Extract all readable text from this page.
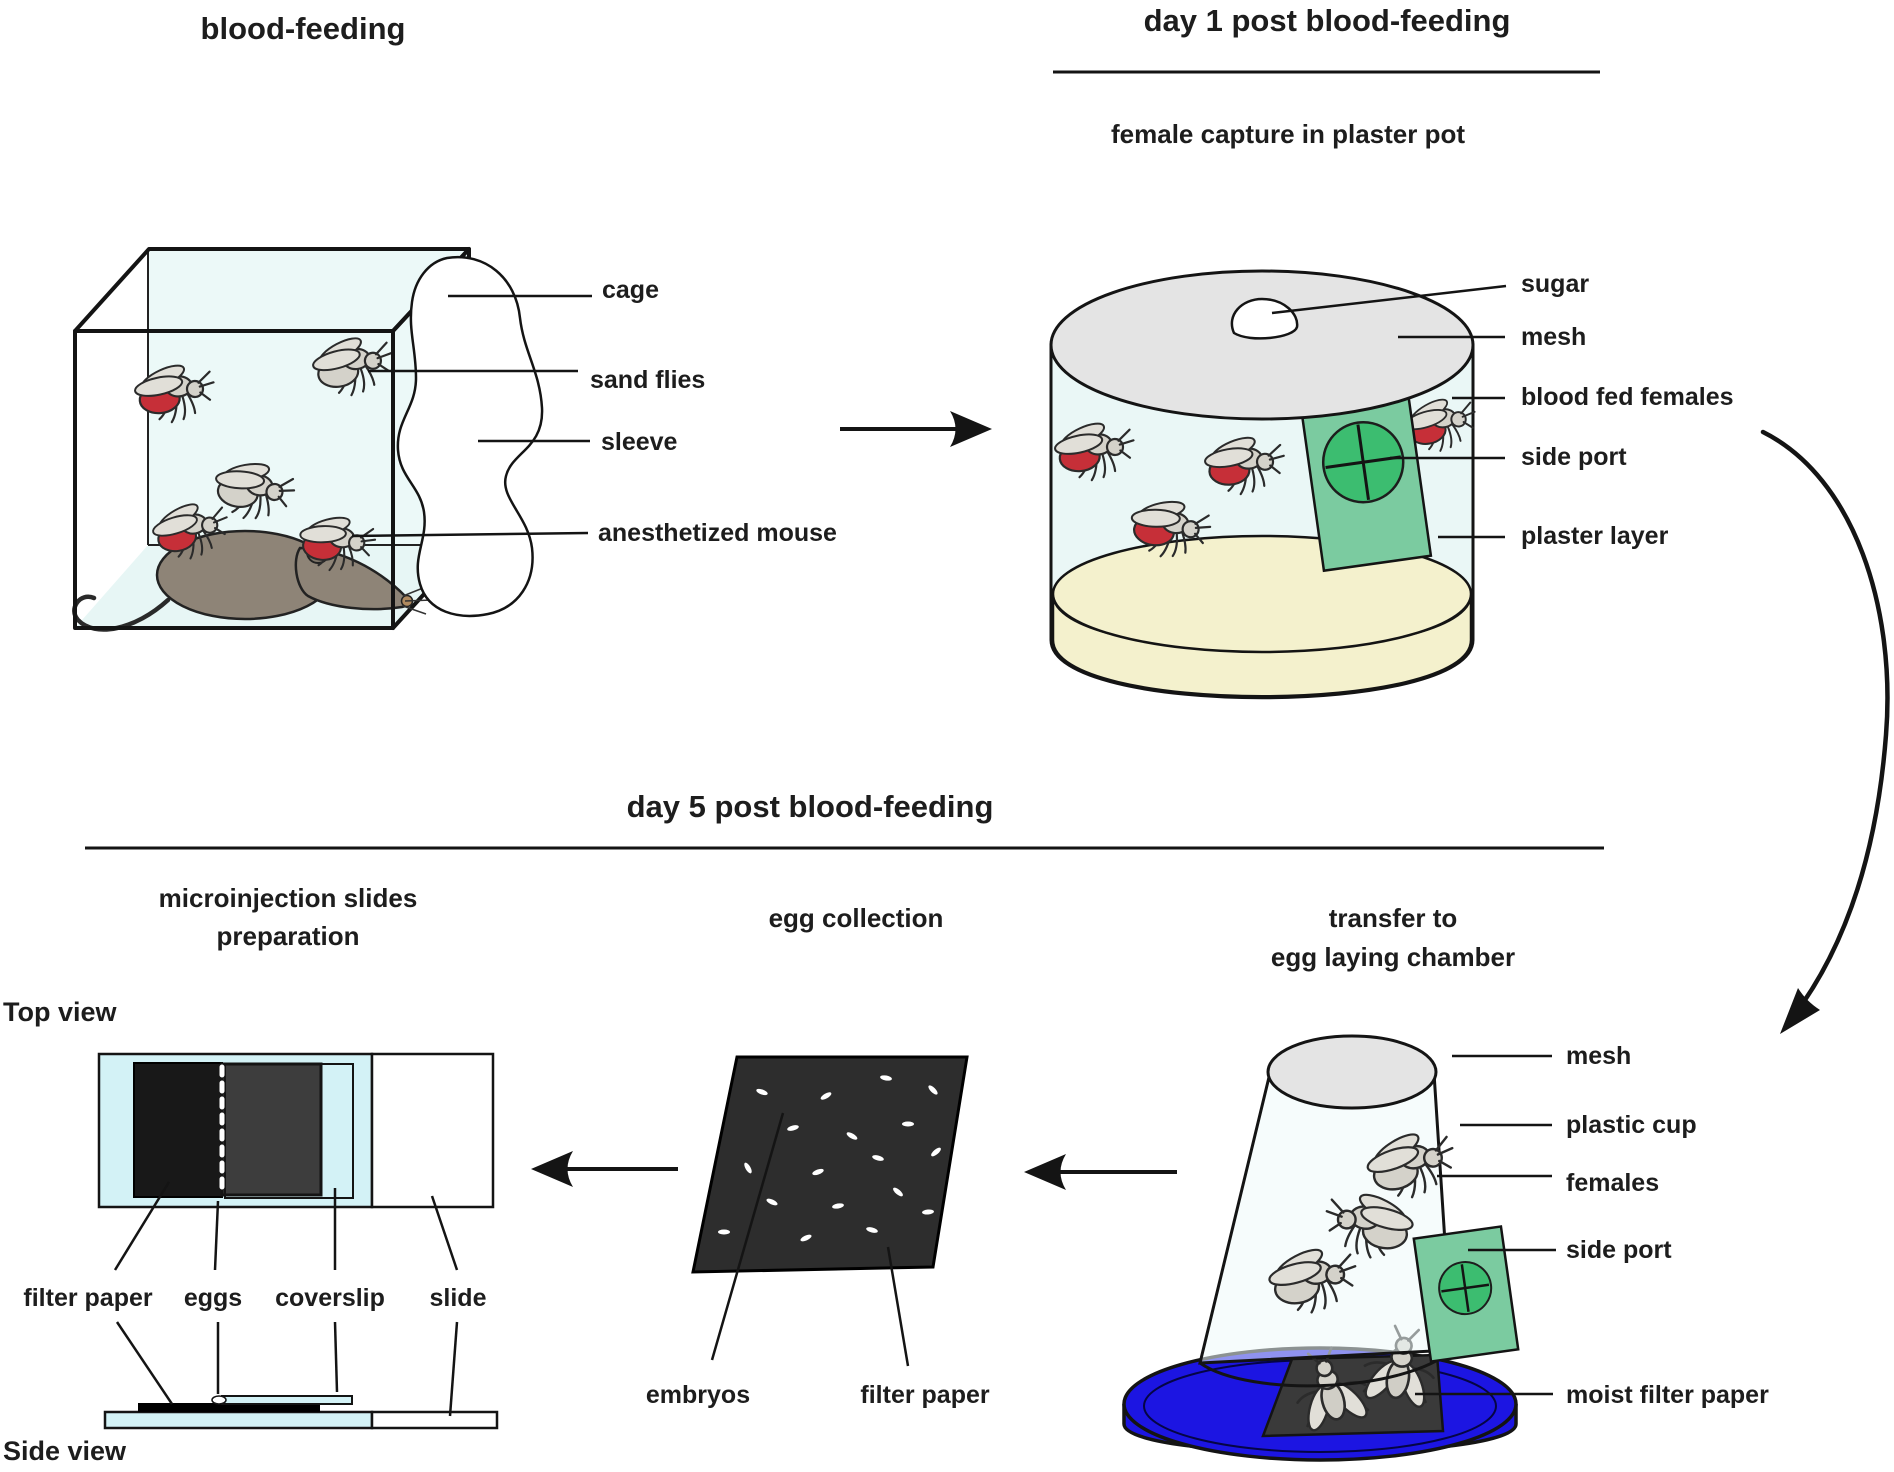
blood-feeding	day 1 post blood-feeding
female capture in plaster pot
day 5 post blood-feeding
microinjection slides
preparation
egg collection	transfer to
egg laying chamber
Top view
Side view
cage
sand flies
sleeve
anesthetized mouse
sugar
mesh
blood fed females
side port
plaster layer
mesh
plastic cup
females
side port
moist filter paper
filter paper eggs coverslip slide
embryos	filter paper
